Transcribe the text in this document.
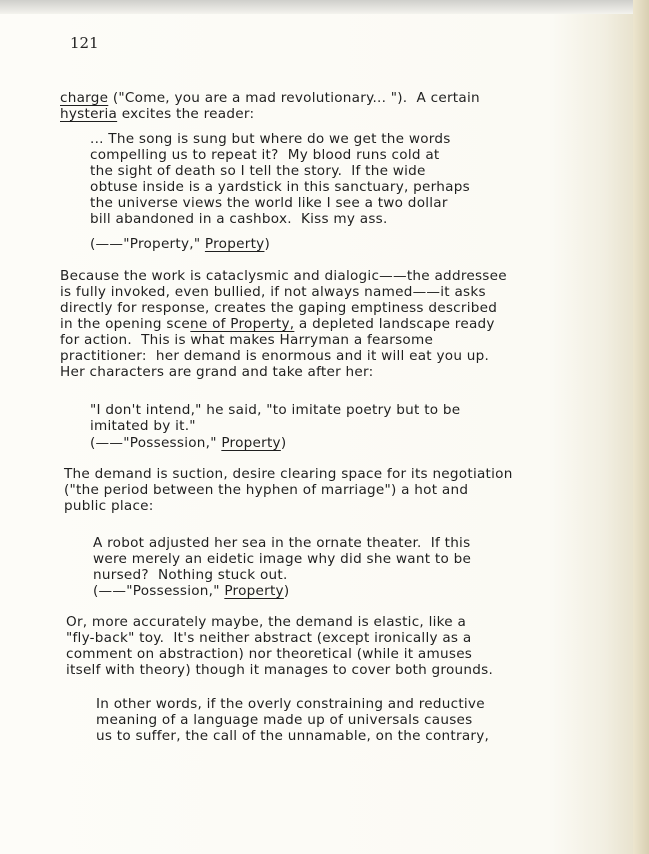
121
charge ("Come, you are a mad revolutionary... ").  A certain
hysteria excites the reader:
... The song is sung but where do we get the words
compelling us to repeat it?  My blood runs cold at
the sight of death so I tell the story.  If the wide
obtuse inside is a yardstick in this sanctuary, perhaps
the universe views the world like I see a two dollar
bill abandoned in a cashbox.  Kiss my ass.
(——"Property," Property)
Because the work is cataclysmic and dialogic——the addressee
is fully invoked, even bullied, if not always named——it asks
directly for response, creates the gaping emptiness described
in the opening scene of Property, a depleted landscape ready
for action.  This is what makes Harryman a fearsome
practitioner:  her demand is enormous and it will eat you up.
Her characters are grand and take after her:
"I don't intend," he said, "to imitate poetry but to be
imitated by it."
(——"Possession," Property)
The demand is suction, desire clearing space for its negotiation
("the period between the hyphen of marriage") a hot and
public place:
A robot adjusted her sea in the ornate theater.  If this
were merely an eidetic image why did she want to be
nursed?  Nothing stuck out.
(——"Possession," Property)
Or, more accurately maybe, the demand is elastic, like a
"fly-back" toy.  It's neither abstract (except ironically as a
comment on abstraction) nor theoretical (while it amuses
itself with theory) though it manages to cover both grounds.
In other words, if the overly constraining and reductive
meaning of a language made up of universals causes
us to suffer, the call of the unnamable, on the contrary,
